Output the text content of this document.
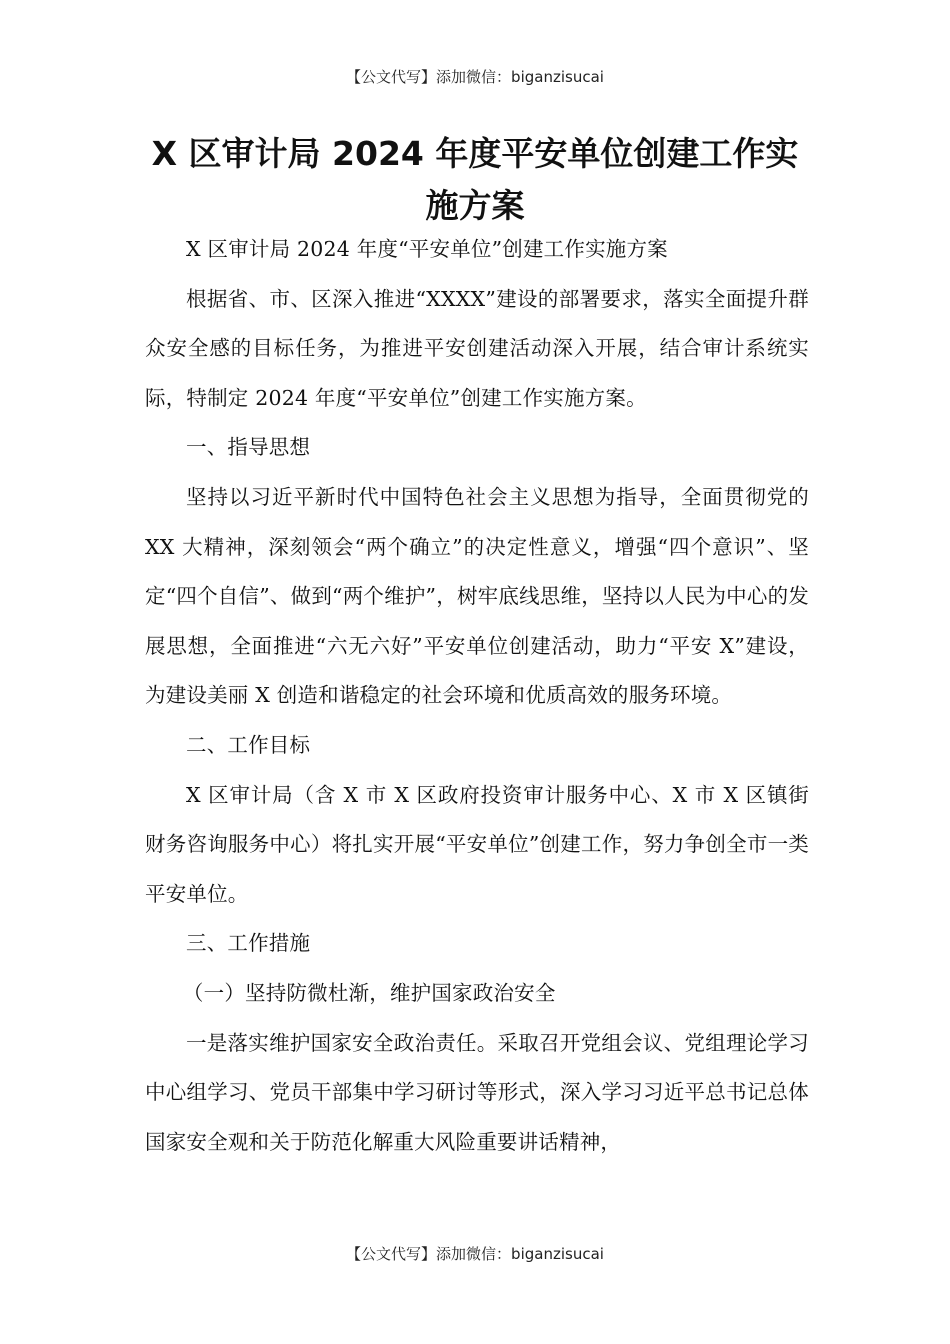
【公文代写】添加微信：biganzisucai
X 区审计局 2024 年度平安单位创建工作实
施方案

X 区审计局 2024 年度“平安单位”创建工作实施方案

根据省、市、区深入推进“XXXX”建设的部署要求，落实全面提升群众安全感的目标任务，为推进平安创建活动深入开展，结合审计系统实际，特制定 2024 年度“平安单位”创建工作实施方案。

一、指导思想

坚持以习近平新时代中国特色社会主义思想为指导，全面贯彻党的 XX 大精神，深刻领会“两个确立”的决定性意义，增强“四个意识”、坚定“四个自信”、做到“两个维护”，树牢底线思维，坚持以人民为中心的发展思想，全面推进“六无六好”平安单位创建活动，助力“平安 X”建设，为建设美丽 X 创造和谐稳定的社会环境和优质高效的服务环境。

二、工作目标

X 区审计局（含 X 市 X 区政府投资审计服务中心、X 市 X 区镇街财务咨询服务中心）将扎实开展“平安单位”创建工作，努力争创全市一类平安单位。

三、工作措施

（一）坚持防微杜渐，维护国家政治安全

一是落实维护国家安全政治责任。采取召开党组会议、党组理论学习中心组学习、党员干部集中学习研讨等形式，深入学习习近平总书记总体国家安全观和关于防范化解重大风险重要讲话精神，

【公文代写】添加微信：biganzisucai
